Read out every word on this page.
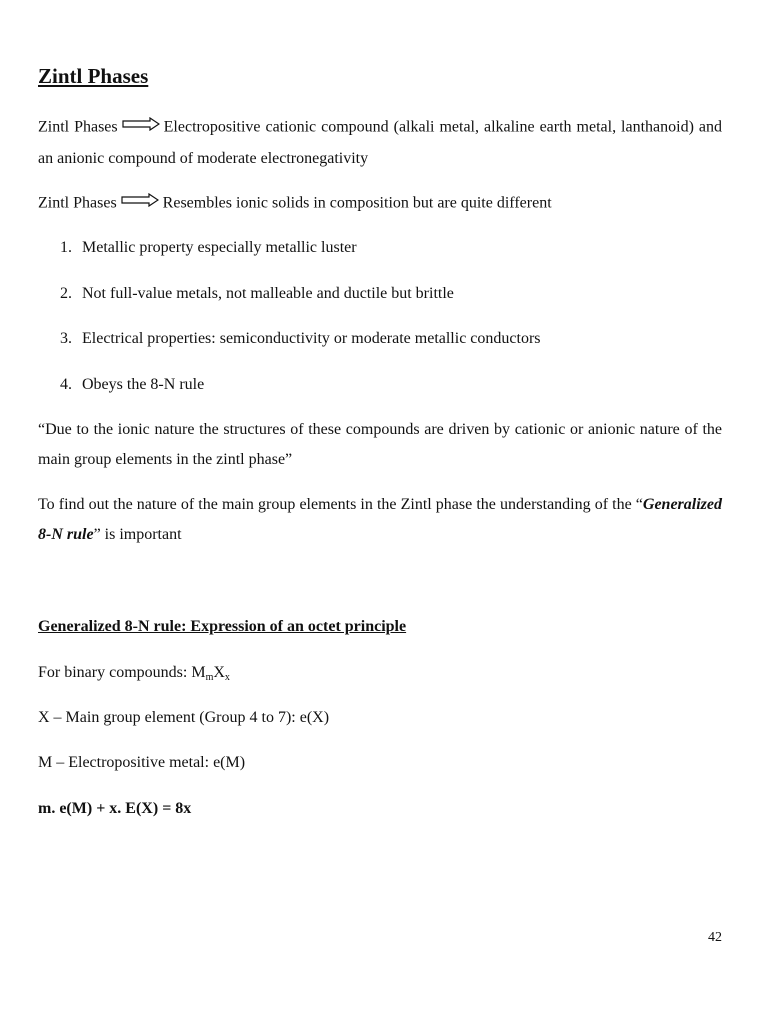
Zintl Phases
Zintl Phases	Electropositive cationic compound (alkali metal, alkaline earth metal, lanthanoid) and an anionic compound of moderate electronegativity
Zintl Phases	Resembles ionic solids in composition but are quite different
1. Metallic property especially metallic luster
2. Not full-value metals, not malleable and ductile but brittle
3. Electrical properties: semiconductivity or moderate metallic conductors
4. Obeys the 8-N rule
“Due to the ionic nature the structures of these compounds are driven by cationic or anionic nature of the main group elements in the zintl phase”
To find out the nature of the main group elements in the Zintl phase the understanding of the “Generalized 8-N rule” is important
Generalized 8-N rule: Expression of an octet principle
For binary compounds: $M_mX_x$
X – Main group element (Group 4 to 7): e(X)
M – Electropositive metal: e(M)
m. e(M) + x. E(X) = 8x
42
